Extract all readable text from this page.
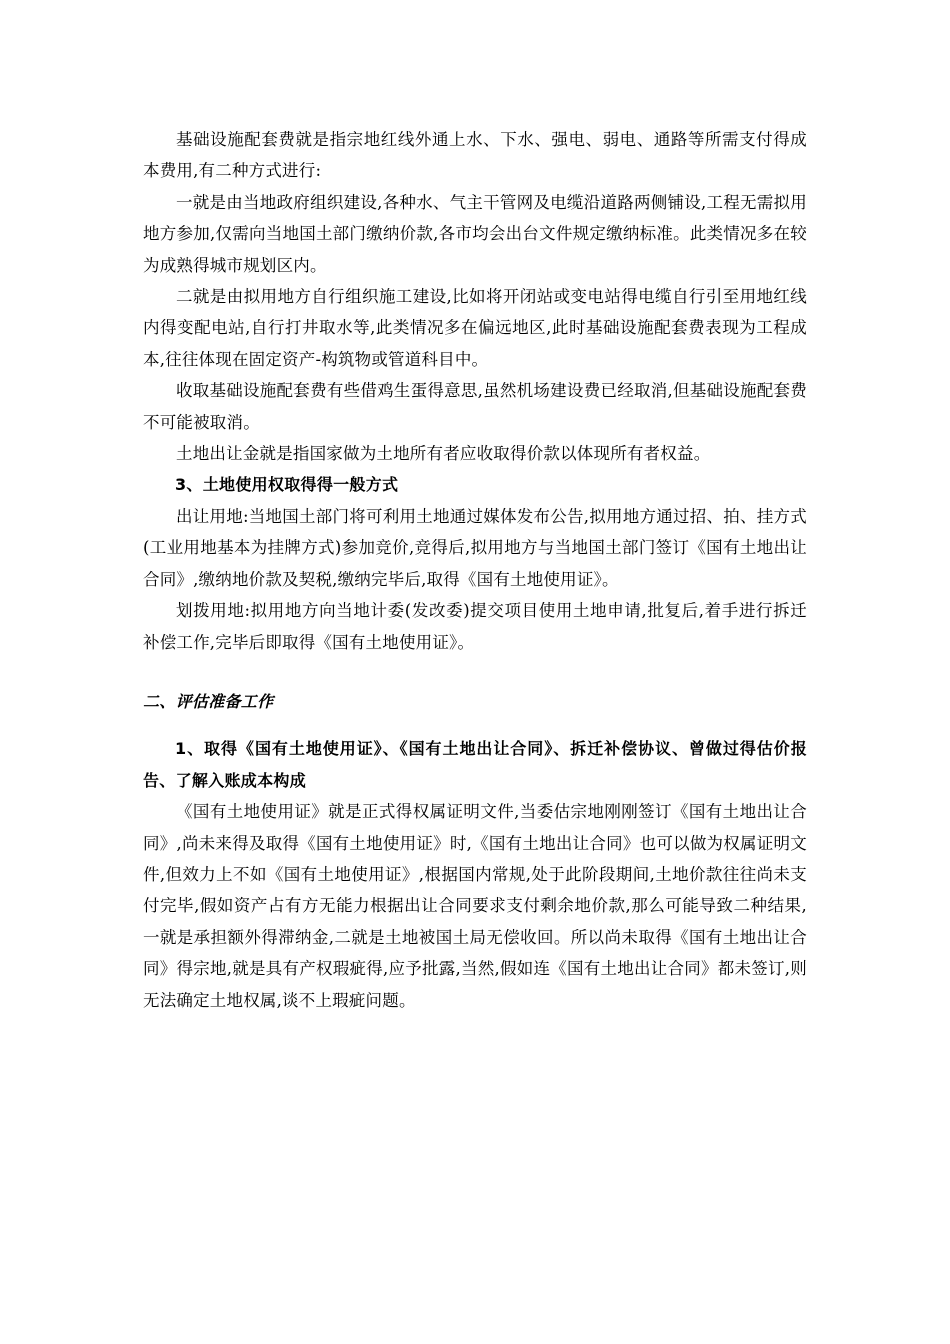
基础设施配套费就是指宗地红线外通上水、下水、强电、弱电、通路等所需支付得成本费用,有二种方式进行:

一就是由当地政府组织建设,各种水、气主干管网及电缆沿道路两侧铺设,工程无需拟用地方参加,仅需向当地国土部门缴纳价款,各市均会出台文件规定缴纳标准。此类情况多在较为成熟得城市规划区内。

二就是由拟用地方自行组织施工建设,比如将开闭站或变电站得电缆自行引至用地红线内得变配电站,自行打井取水等,此类情况多在偏远地区,此时基础设施配套费表现为工程成本,往往体现在固定资产-构筑物或管道科目中。

收取基础设施配套费有些借鸡生蛋得意思,虽然机场建设费已经取消,但基础设施配套费不可能被取消。

土地出让金就是指国家做为土地所有者应收取得价款以体现所有者权益。

3、土地使用权取得得一般方式

出让用地:当地国土部门将可利用土地通过媒体发布公告,拟用地方通过招、拍、挂方式(工业用地基本为挂牌方式)参加竞价,竞得后,拟用地方与当地国土部门签订《国有土地出让合同》,缴纳地价款及契税,缴纳完毕后,取得《国有土地使用证》。

划拨用地:拟用地方向当地计委(发改委)提交项目使用土地申请,批复后,着手进行拆迁补偿工作,完毕后即取得《国有土地使用证》。

二、评估准备工作

1、取得《国有土地使用证》、《国有土地出让合同》、拆迁补偿协议、曾做过得估价报告、了解入账成本构成

《国有土地使用证》就是正式得权属证明文件,当委估宗地刚刚签订《国有土地出让合同》,尚未来得及取得《国有土地使用证》时,《国有土地出让合同》也可以做为权属证明文件,但效力上不如《国有土地使用证》,根据国内常规,处于此阶段期间,土地价款往往尚未支付完毕,假如资产占有方无能力根据出让合同要求支付剩余地价款,那么可能导致二种结果,一就是承担额外得滞纳金,二就是土地被国土局无偿收回。所以尚未取得《国有土地出让合同》得宗地,就是具有产权瑕疵得,应予批露,当然,假如连《国有土地出让合同》都未签订,则无法确定土地权属,谈不上瑕疵问题。
